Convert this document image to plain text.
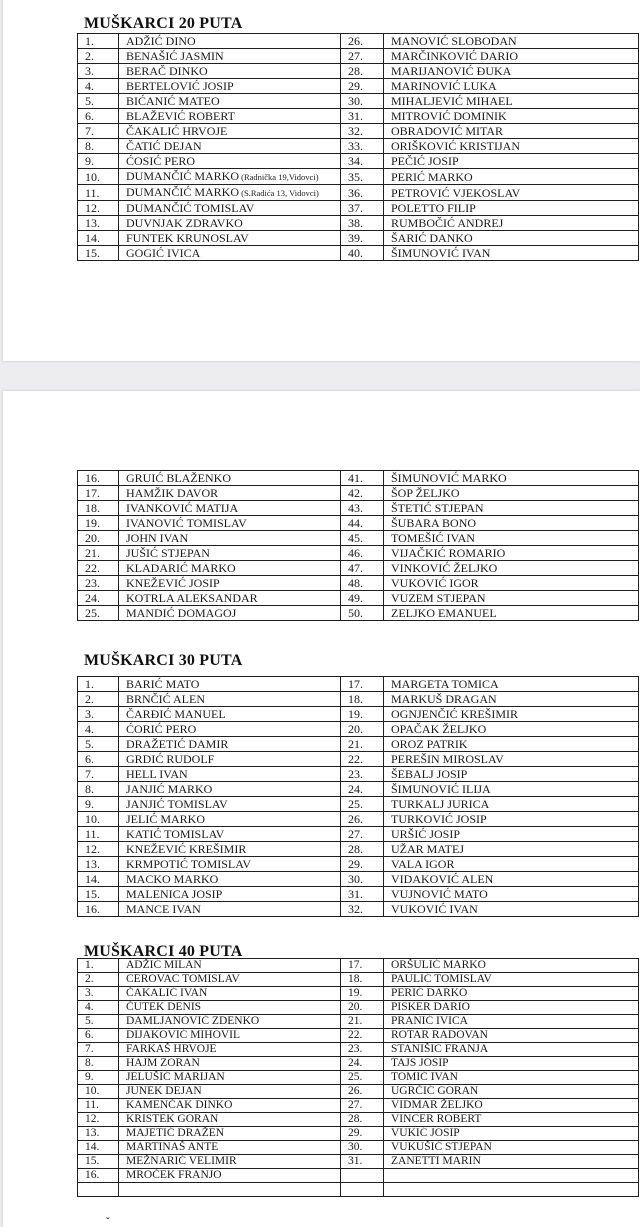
MUŠKARCI 20 PUTA
1.	ADŽIĆ DINO	26.	MANOVIĆ SLOBODAN
2.	BENAŠIĆ JASMIN	27.	MARČINKOVIĆ DARIO
3.	BERAČ DINKO	28.	MARIJANOVIĆ ĐUKA
4.	BERTELOVIĆ JOSIP	29.	MARINOVIĆ LUKA
5.	BIĆANIĆ MATEO	30.	MIHALJEVIĆ MIHAEL
6.	BLAŽEVIĆ ROBERT	31.	MITROVIĆ DOMINIK
7.	ČAKALIĆ HRVOJE	32.	OBRADOVIĆ MITAR
8.	ČATIĆ DEJAN	33.	ORIŠKOVIĆ KRISTIJAN
9.	ĆOSIĆ PERO	34.	PEČIĆ JOSIP
10.	DUMANČIĆ MARKO (Radnička 19,Vidovci)	35.	PERIĆ MARKO
11.	DUMANČIĆ MARKO (S.Radića 13, Vidovci)	36.	PETROVIĆ VJEKOSLAV
12.	DUMANČIĆ TOMISLAV	37.	POLETTO FILIP
13.	DUVNJAK ZDRAVKO	38.	RUMBOČIĆ ANDREJ
14.	FUNTEK KRUNOSLAV	39.	ŠARIĆ DANKO
15.	GOGIĆ IVICA	40.	ŠIMUNOVIĆ IVAN
16.	GRUIĆ BLAŽENKO	41.	ŠIMUNOVIĆ MARKO
17.	HAMŽIK DAVOR	42.	ŠOP ŽELJKO
18.	IVANKOVIĆ MATIJA	43.	ŠTETIĆ STJEPAN
19.	IVANOVIĆ TOMISLAV	44.	ŠUBARA BONO
20.	JOHN IVAN	45.	TOMEŠIĆ IVAN
21.	JUŠIĆ STJEPAN	46.	VIJAČKIĆ ROMARIO
22.	KLADARIĆ MARKO	47.	VINKOVIĆ ŽELJKO
23.	KNEŽEVIĆ JOSIP	48.	VUKOVIĆ IGOR
24.	KOTRLA ALEKSANDAR	49.	VUZEM STJEPAN
25.	MANDIĆ DOMAGOJ	50.	ZELJKO EMANUEL
MUŠKARCI 30 PUTA
1.	BARIĆ MATO	17.	MARGETA TOMICA
2.	BRNČIĆ ALEN	18.	MARKUŠ DRAGAN
3.	ČARĐIĆ MANUEL	19.	OGNJENČIĆ KREŠIMIR
4.	ĆORIĆ PERO	20.	OPAČAK ŽELJKO
5.	DRAŽETIĆ DAMIR	21.	OROZ PATRIK
6.	GRDIĆ RUDOLF	22.	PEREŠIN MIROSLAV
7.	HELL IVAN	23.	ŠEBALJ JOSIP
8.	JANJIĆ MARKO	24.	ŠIMUNOVIĆ ILIJA
9.	JANJIĆ TOMISLAV	25.	TURKALJ JURICA
10.	JELIĆ MARKO	26.	TURKOVIĆ JOSIP
11.	KATIĆ TOMISLAV	27.	URŠIĆ JOSIP
12.	KNEŽEVIĆ KREŠIMIR	28.	UŽAR MATEJ
13.	KRMPOTIĆ TOMISLAV	29.	VALA IGOR
14.	MACKO MARKO	30.	VIDAKOVIĆ ALEN
15.	MALENICA JOSIP	31.	VUJNOVIĆ MATO
16.	MANCE IVAN	32.	VUKOVIĆ IVAN
MUŠKARCI 40 PUTA
1.	ADŽIĆ MILAN	17.	ORŠULIĆ MARKO
2.	CEROVAC TOMISLAV	18.	PAULIĆ TOMISLAV
3.	ČAKALIĆ IVAN	19.	PERIĆ DARKO
4.	ČUTEK DENIS	20.	PISKER DARIO
5.	DAMLJANOVIĆ ZDENKO	21.	PRANIĆ IVICA
6.	DIJAKOVIĆ MIHOVIL	22.	ROTAR RADOVAN
7.	FARKAŠ HRVOJE	23.	STANIŠIĆ FRANJA
8.	HAJM ZORAN	24.	TAJS JOSIP
9.	JELUŠIĆ MARIJAN	25.	TOMIĆ IVAN
10.	JUNEK DEJAN	26.	UGRČIĆ GORAN
11.	KAMENČAK DINKO	27.	VIDMAR ŽELJKO
12.	KRISTEK GORAN	28.	VINCER ROBERT
13.	MAJETIĆ DRAŽEN	29.	VUKIĆ JOSIP
14.	MARTINAŠ ANTE	30.	VUKUŠIĆ STJEPAN
15.	MEŽNARIĆ VELIMIR	31.	ZANETTI MARIN
16.	MROČEK FRANJO		

ˇ
